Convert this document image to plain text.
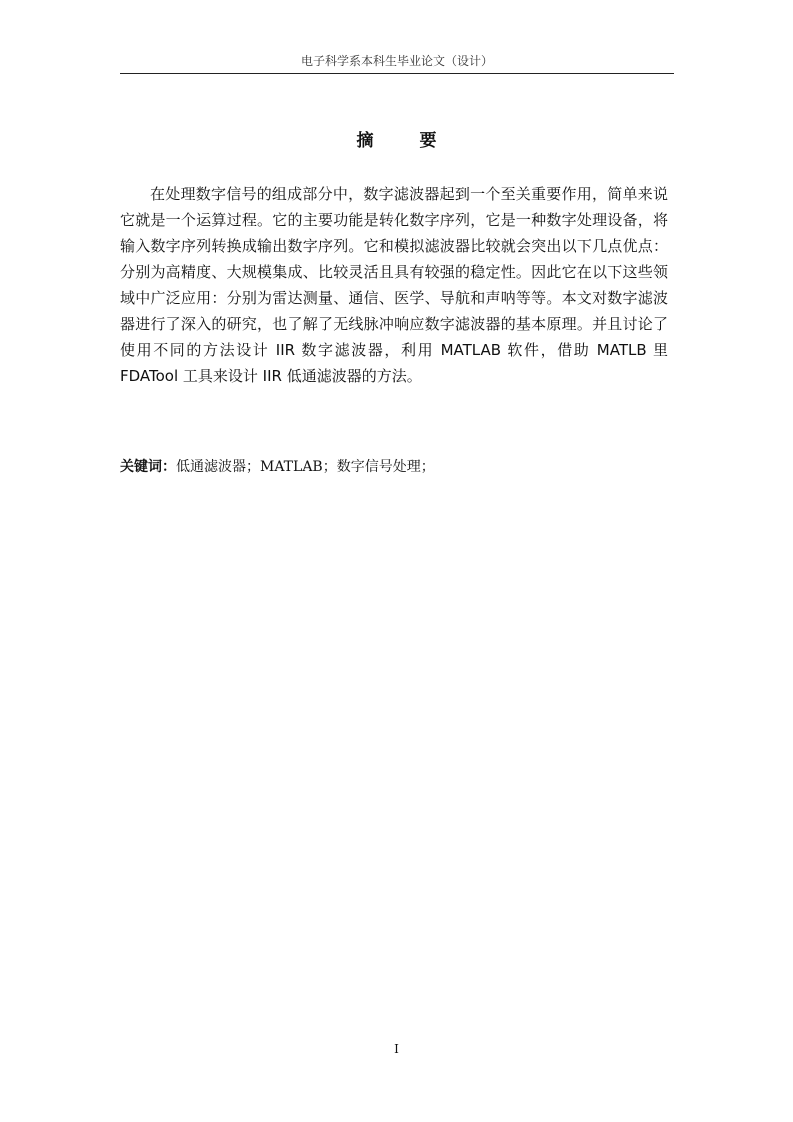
电子科学系本科生毕业论文（设计）
摘 要

在处理数字信号的组成部分中，数字滤波器起到一个至关重要作用，简单来说它就是一个运算过程。它的主要功能是转化数字序列，它是一种数字处理设备，将输入数字序列转换成输出数字序列。它和模拟滤波器比较就会突出以下几点优点：分别为高精度、大规模集成、比较灵活且具有较强的稳定性。因此它在以下这些领域中广泛应用：分别为雷达测量、通信、医学、导航和声呐等等。本文对数字滤波器进行了深入的研究，也了解了无线脉冲响应数字滤波器的基本原理。并且讨论了使用不同的方法设计 IIR 数字滤波器，利用 MATLAB 软件，借助 MATLB 里 FDATool 工具来设计 IIR 低通滤波器的方法。

关键词：低通滤波器；MATLAB；数字信号处理；

I
